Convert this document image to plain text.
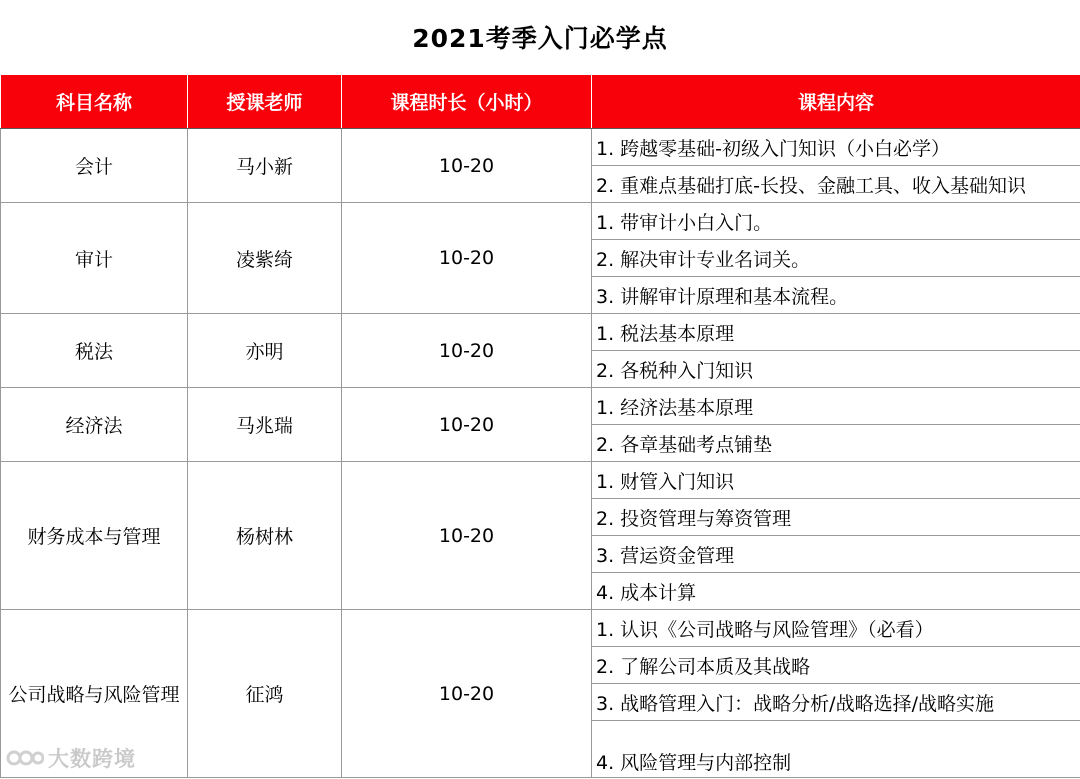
2021考季入门必学点
科目名称	授课老师	课程时长（小时）	课程内容
会计	马小新	10-20	1. 跨越零基础-初级入门知识（小白必学）
			2. 重难点基础打底-长投、金融工具、收入基础知识
审计	凌紫绮	10-20	1. 带审计小白入门。
			2. 解决审计专业名词关。
			3. 讲解审计原理和基本流程。
税法	亦明	10-20	1. 税法基本原理
			2. 各税种入门知识
经济法	马兆瑞	10-20	1. 经济法基本原理
			2. 各章基础考点铺垫
财务成本与管理	杨树林	10-20	1. 财管入门知识
			2. 投资管理与筹资管理
			3. 营运资金管理
			4. 成本计算
公司战略与风险管理	征鸿	10-20	1. 认识《公司战略与风险管理》（必看）
			2. 了解公司本质及其战略
			3. 战略管理入门：战略分析/战略选择/战略实施
			4. 风险管理与内部控制
大数跨境
